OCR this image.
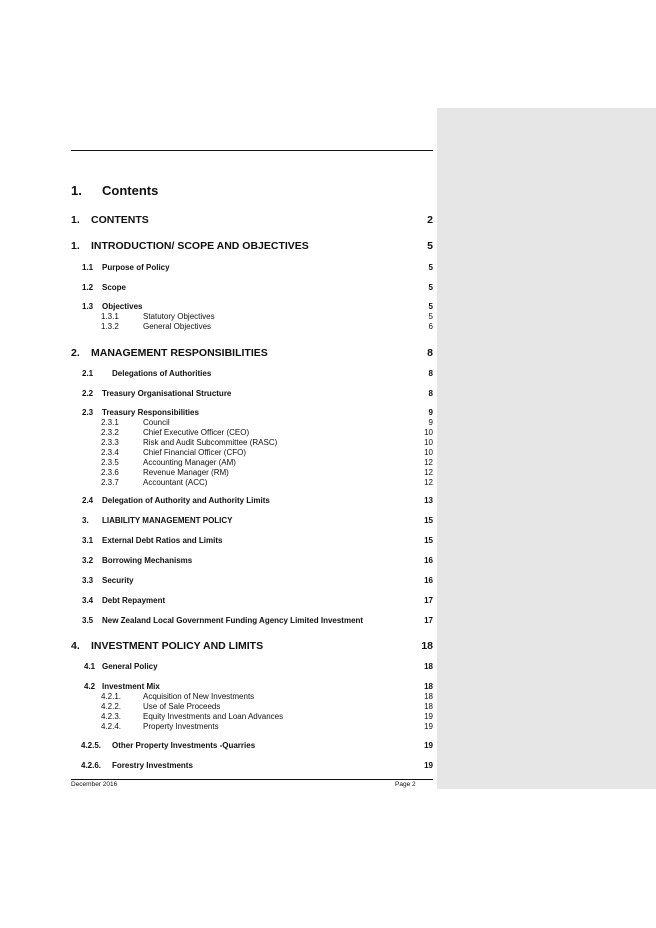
1. Contents
1. CONTENTS	2
1. INTRODUCTION/ SCOPE AND OBJECTIVES	5
1.1 Purpose of Policy	5
1.2 Scope	5
1.3 Objectives	5
1.3.1	Statutory Objectives	5
1.3.2	General Objectives	6
2. MANAGEMENT RESPONSIBILITIES	8
2.1 Delegations of Authorities	8
2.2 Treasury Organisational Structure	8
2.3 Treasury Responsibilities	9
2.3.1	Council	9
2.3.2	Chief Executive Officer (CEO)	10
2.3.3	Risk and Audit Subcommittee (RASC)	10
2.3.4	Chief Financial Officer (CFO)	10
2.3.5	Accounting Manager (AM)	12
2.3.6	Revenue Manager (RM)	12
2.3.7	Accountant (ACC)	12
2.4 Delegation of Authority and Authority Limits	13
3. LIABILITY MANAGEMENT POLICY	15
3.1 External Debt Ratios and Limits	15
3.2 Borrowing Mechanisms	16
3.3 Security	16
3.4 Debt Repayment	17
3.5 New Zealand Local Government Funding Agency Limited Investment	17
4. INVESTMENT POLICY AND LIMITS	18
4.1 General Policy	18
4.2 Investment Mix	18
4.2.1.	Acquisition of New Investments	18
4.2.2.	Use of Sale Proceeds	18
4.2.3.	Equity Investments and Loan Advances	19
4.2.4.	Property Investments	19
4.2.5. Other Property Investments -Quarries	19
4.2.6. Forestry Investments	19
December 2016	Page 2
